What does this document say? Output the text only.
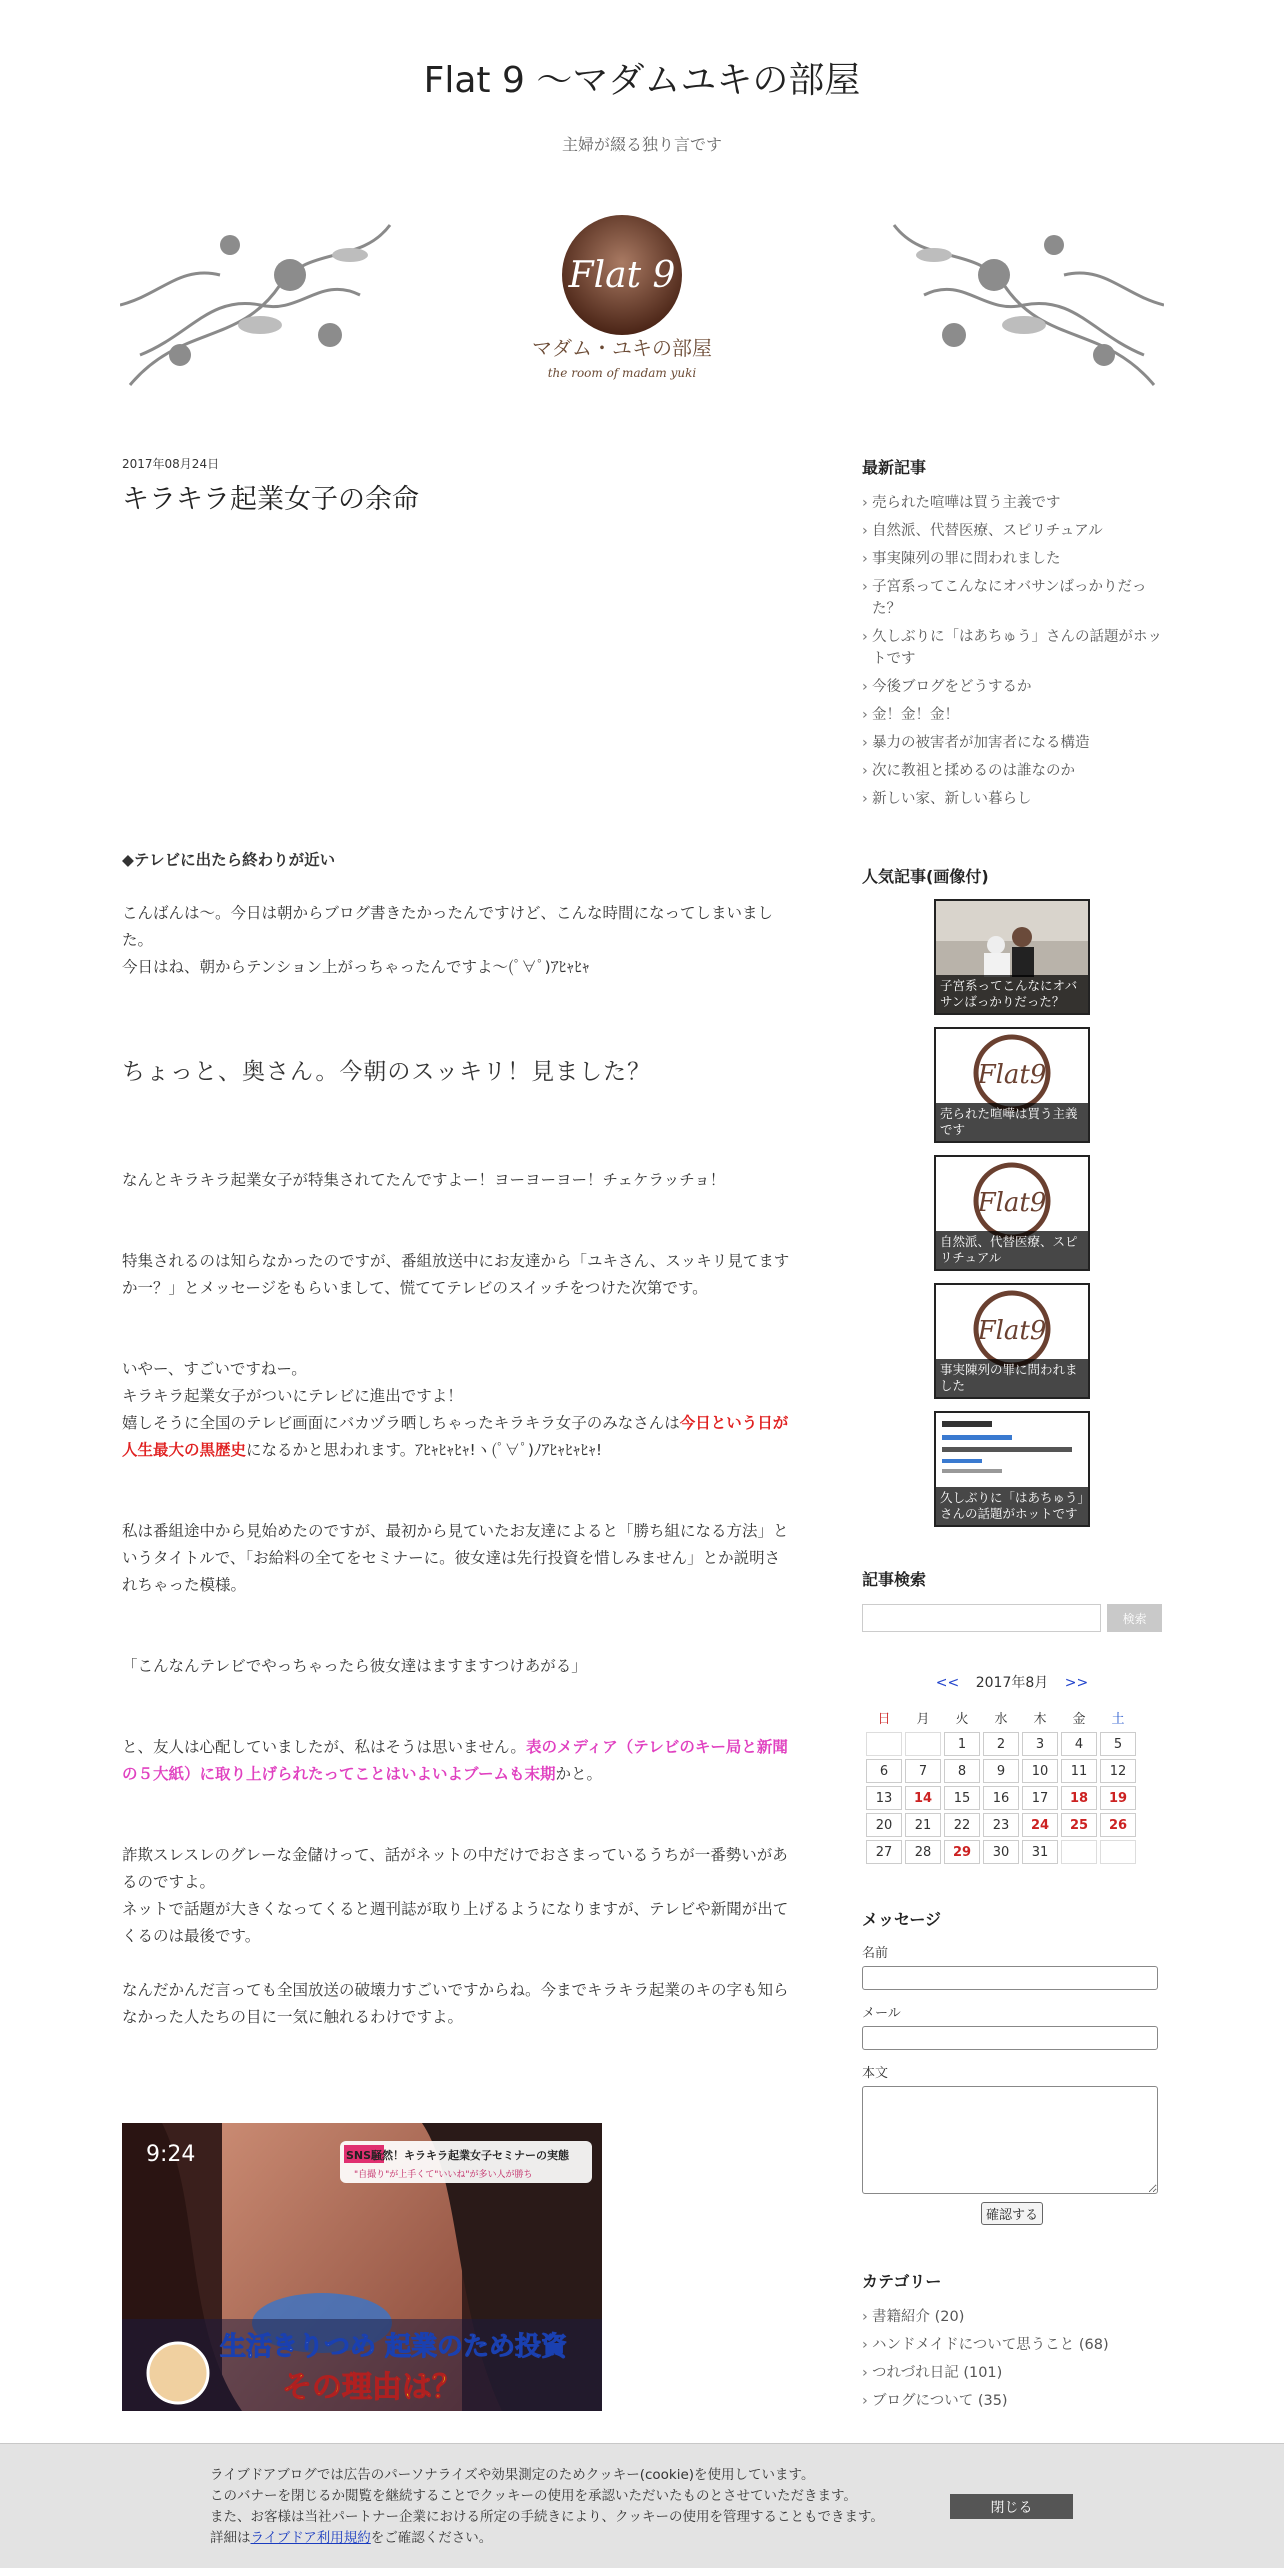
Flat 9 〜マダムユキの部屋
主婦が綴る独り言です
Flat 9
マダム・ユキの部屋
the room of madam yuki
2017年08月24日
キラキラ起業女子の余命

◆テレビに出たら終わりが近い

こんばんは〜。今日は朝からブログ書きたかったんですけど、こんな時間になってしまいました。

今日はね、朝からテンション上がっちゃったんですよ〜(ﾟ∀ﾟ)ｱﾋｬﾋｬ

ちょっと、奥さん。今朝のスッキリ！見ました？

なんとキラキラ起業女子が特集されてたんですよー！ヨーヨーヨー！チェケラッチョ！

特集されるのは知らなかったのですが、番組放送中にお友達から「ユキさん、スッキリ見てますか一？」とメッセージをもらいまして、慌ててテレビのスイッチをつけた次第です。

いやー、すごいですねー。

キラキラ起業女子がついにテレビに進出ですよ！

嬉しそうに全国のテレビ画面にバカヅラ晒しちゃったキラキラ女子のみなさんは今日という日が人生最大の黒歴史になるかと思われます。ｱﾋｬﾋｬﾋｬ!ヽ(ﾟ∀ﾟ)ﾉｱﾋｬﾋｬﾋｬ!

私は番組途中から見始めたのですが、最初から見ていたお友達によると「勝ち組になる方法」というタイトルで、「お給料の全てをセミナーに。彼女達は先行投資を惜しみません」とか説明されちゃった模様。

「こんなんテレビでやっちゃったら彼女達はますますつけあがる」

と、友人は心配していましたが、私はそうは思いません。表のメディア（テレビのキー局と新聞の５大紙）に取り上げられたってことはいよいよブームも末期かと。

詐欺スレスレのグレーな金儲けって、話がネットの中だけでおさまっているうちが一番勢いがあるのですよ。

ネットで話題が大きくなってくると週刊誌が取り上げるようになりますが、テレビや新聞が出てくるのは最後です。

なんだかんだ言っても全国放送の破壊力すごいですからね。今までキラキラ起業のキの字も知らなかった人たちの目に一気に触れるわけですよ。

9:24	SNS騒然！キラキラ起業女子セミナーの実態
"自撮り"が上手くて"いいね"が多い人が勝ち
生活きりつめ 起業のため投資
その理由は？
最新記事
› 売られた喧嘩は買う主義です
› 自然派、代替医療、スピリチュアル
› 事実陳列の罪に問われました
› 子宮系ってこんなにオバサンばっかりだった？
› 久しぶりに「はあちゅう」さんの話題がホットです
› 今後ブログをどうするか
› 金！金！金！
› 暴力の被害者が加害者になる構造
› 次に教祖と揉めるのは誰なのか
› 新しい家、新しい暮らし
人気記事(画像付)
子宮系ってこんなにオバサンばっかりだった？
Flat9
売られた喧嘩は買う主義です
Flat9
自然派、代替医療、スピリチュアル
Flat9
事実陳列の罪に問われました
久しぶりに「はあちゅう」さんの話題がホットです
記事検索
検索
<< 2017年8月 >>
日	月	火	水	木	金	土
		1	2	3	4	5
6	7	8	9	10	11	12
13	14	15	16	17	18	19
20	21	22	23	24	25	26
27	28	29	30	31		
メッセージ
名前
メール
本文
確認する
カテゴリー
› 書籍紹介 (20)
› ハンドメイドについて思うこと (68)
› つれづれ日記 (101)
› ブログについて (35)
ライブドアブログでは広告のパーソナライズや効果測定のためクッキー(cookie)を使用しています。
このバナーを閉じるか閲覧を継続することでクッキーの使用を承認いただいたものとさせていただきます。
また、お客様は当社パートナー企業における所定の手続きにより、クッキーの使用を管理することもできます。
詳細はライブドア利用規約をご確認ください。
閉じる
